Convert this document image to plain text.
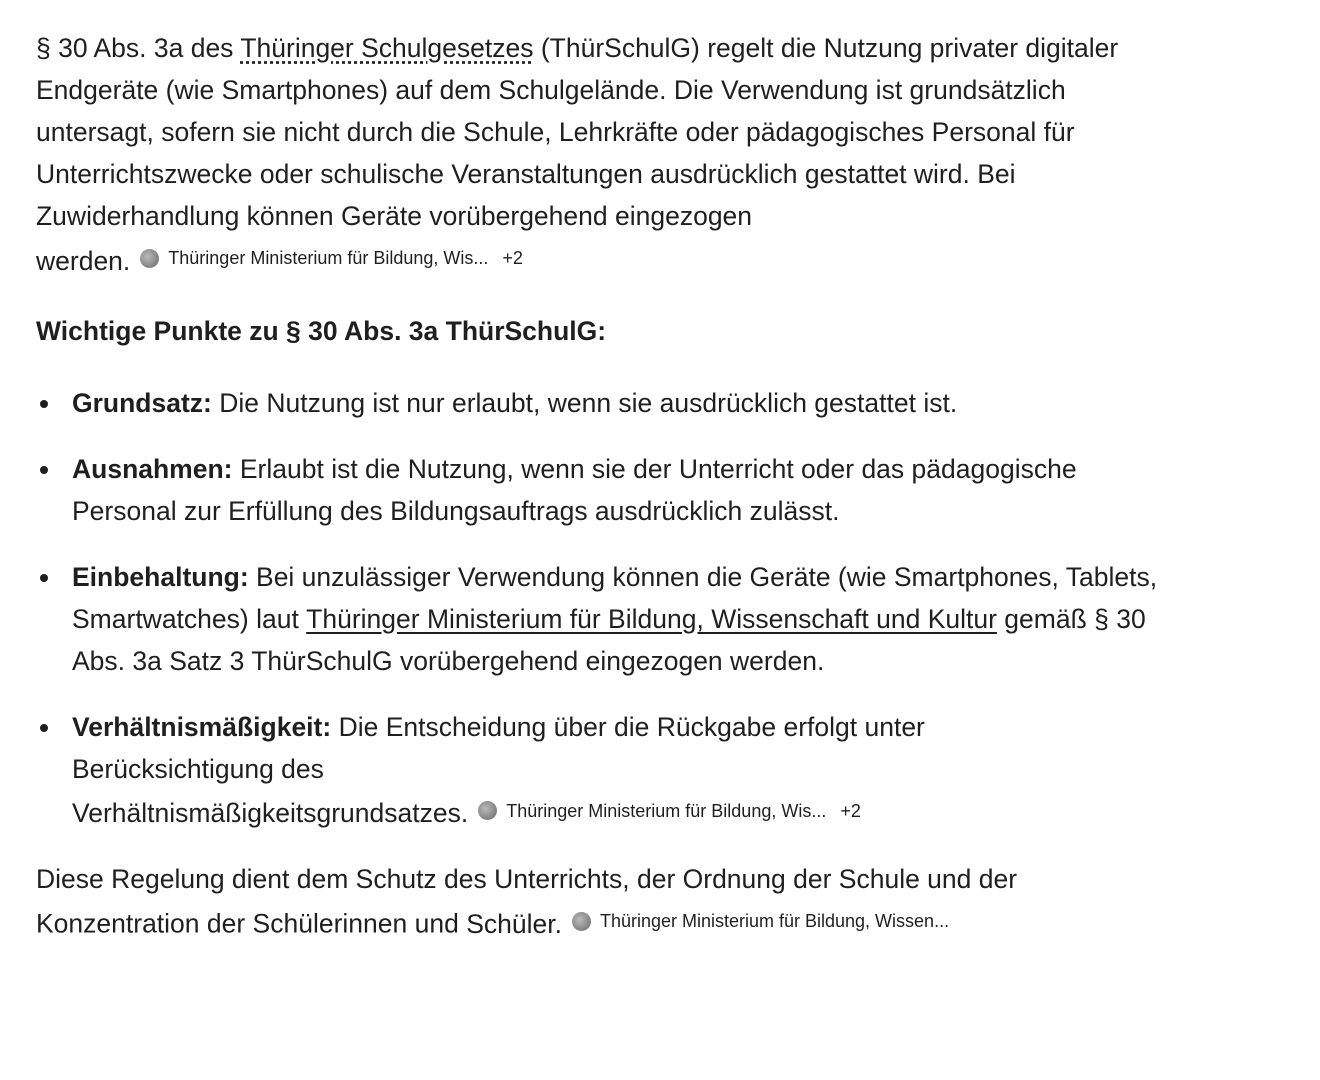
§ 30 Abs. 3a des Thüringer Schulgesetzes (ThürSchulG) regelt die Nutzung privater digitaler Endgeräte (wie Smartphones) auf dem Schulgelände. Die Verwendung ist grundsätzlich untersagt, sofern sie nicht durch die Schule, Lehrkräfte oder pädagogisches Personal für Unterrichtszwecke oder schulische Veranstaltungen ausdrücklich gestattet wird. Bei Zuwiderhandlung können Geräte vorübergehend eingezogen werden. Thüringer Ministerium für Bildung, Wis... +2

Wichtige Punkte zu § 30 Abs. 3a ThürSchulG:
Grundsatz: Die Nutzung ist nur erlaubt, wenn sie ausdrücklich gestattet ist.
Ausnahmen: Erlaubt ist die Nutzung, wenn sie der Unterricht oder das pädagogische Personal zur Erfüllung des Bildungsauftrags ausdrücklich zulässt.
Einbehaltung: Bei unzulässiger Verwendung können die Geräte (wie Smartphones, Tablets, Smartwatches) laut Thüringer Ministerium für Bildung, Wissenschaft und Kultur gemäß § 30 Abs. 3a Satz 3 ThürSchulG vorübergehend eingezogen werden.
Verhältnismäßigkeit: Die Entscheidung über die Rückgabe erfolgt unter Berücksichtigung des
Verhältnismäßigkeitsgrundsatzes. Thüringer Ministerium für Bildung, Wis... +2

Diese Regelung dient dem Schutz des Unterrichts, der Ordnung der Schule und der Konzentration der Schülerinnen und Schüler. Thüringer Ministerium für Bildung, Wissen...
